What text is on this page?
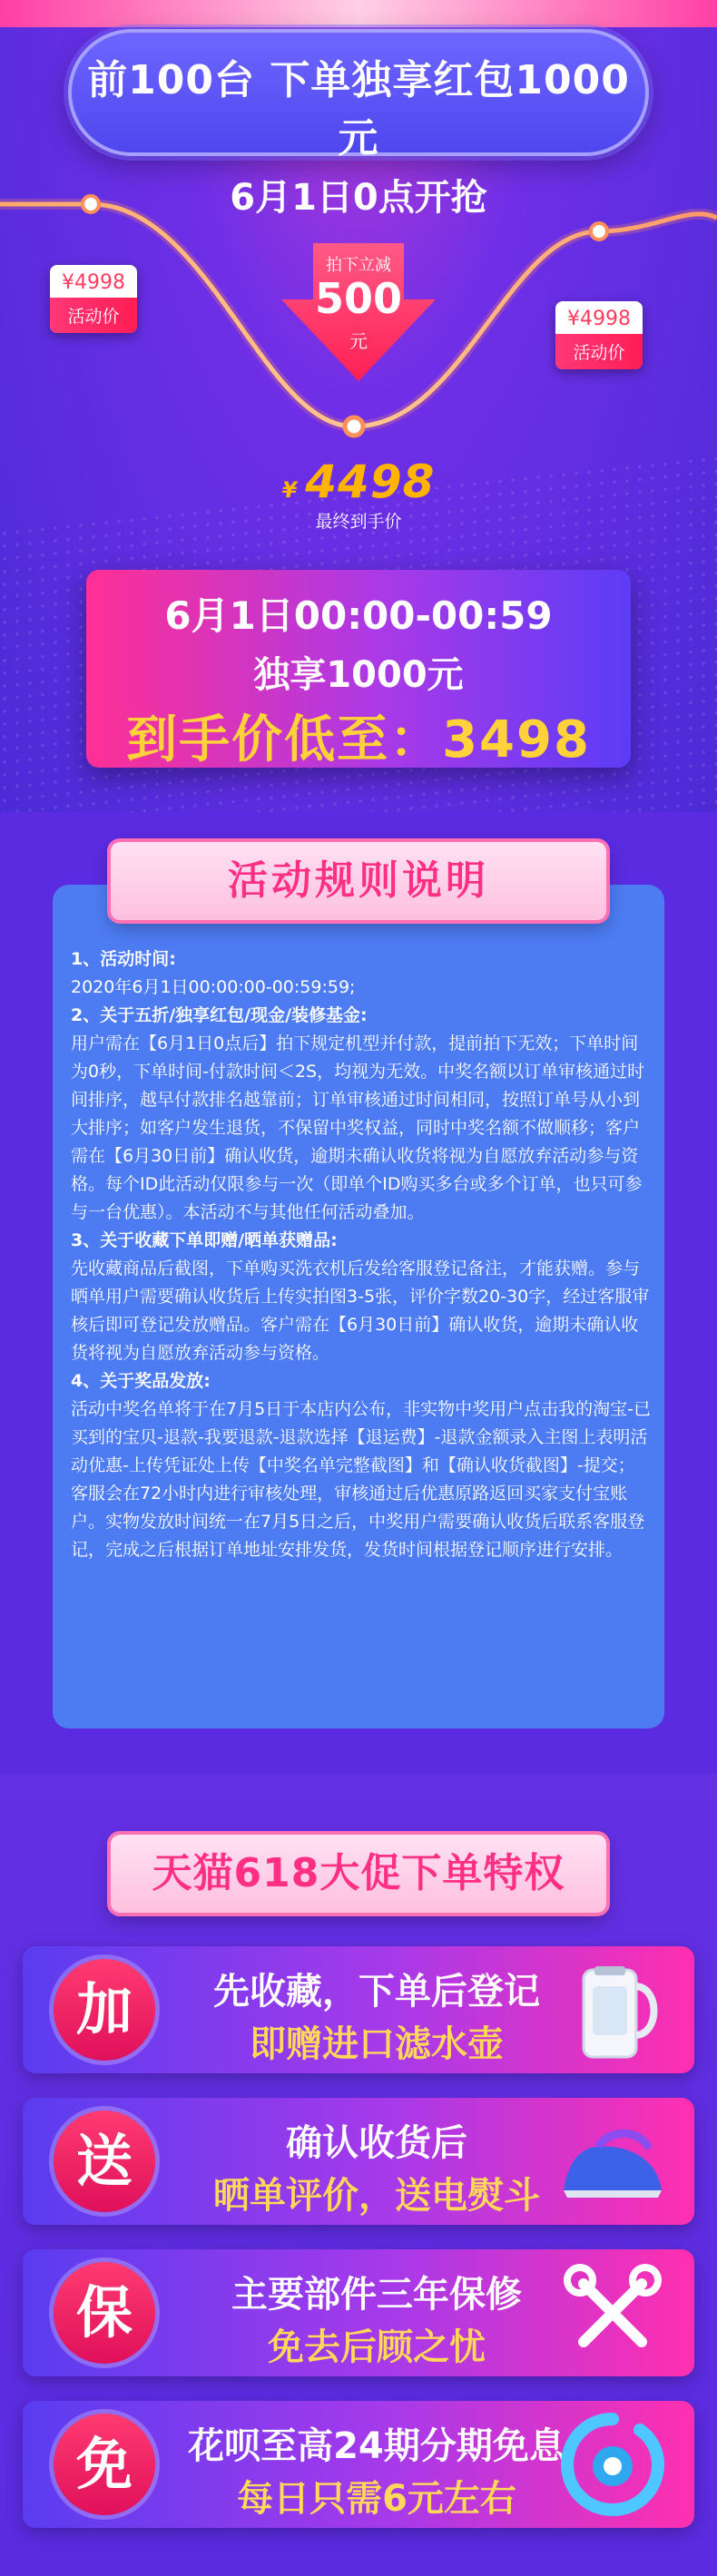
前100台 下单独享红包1000元
6月1日0点开抢
¥4998
活动价	¥4998
活动价
拍下立减
500
元
¥ 4498
最终到手价
6月1日00:00-00:59
独享1000元
到手价低至：3498
活动规则说明

1、活动时间:

2020年6月1日00:00:00-00:59:59;

2、关于五折/独享红包/现金/装修基金:

用户需在【6月1日0点后】拍下规定机型并付款，提前拍下无效；下单时间为0秒，下单时间-付款时间＜2S，均视为无效。中奖名额以订单审核通过时间排序，越早付款排名越靠前；订单审核通过时间相同，按照订单号从小到大排序；如客户发生退货，不保留中奖权益，同时中奖名额不做顺移；客户需在【6月30日前】确认收货，逾期未确认收货将视为自愿放弃活动参与资格。每个ID此活动仅限参与一次（即单个ID购买多台或多个订单，也只可参与一台优惠）。本活动不与其他任何活动叠加。

3、关于收藏下单即赠/晒单获赠品:

先收藏商品后截图，下单购买洗衣机后发给客服登记备注，才能获赠。参与晒单用户需要确认收货后上传实拍图3-5张，评价字数20-30字，经过客服审核后即可登记发放赠品。客户需在【6月30日前】确认收货，逾期未确认收货将视为自愿放弃活动参与资格。

4、关于奖品发放:

活动中奖名单将于在7月5日于本店内公布，非实物中奖用户点击我的淘宝-已买到的宝贝-退款-我要退款-退款选择【退运费】-退款金额录入主图上表明活动优惠-上传凭证处上传【中奖名单完整截图】和【确认收货截图】-提交；客服会在72小时内进行审核处理，审核通过后优惠原路返回买家支付宝账户。实物发放时间统一在7月5日之后，中奖用户需要确认收货后联系客服登记，完成之后根据订单地址安排发货，发货时间根据登记顺序进行安排。

天猫618大促下单特权
加	先收藏，下单后登记
即赠进口滤水壶
送	确认收货后
晒单评价，送电熨斗
保	主要部件三年保修
免去后顾之忧
免	花呗至高24期分期免息
每日只需6元左右
